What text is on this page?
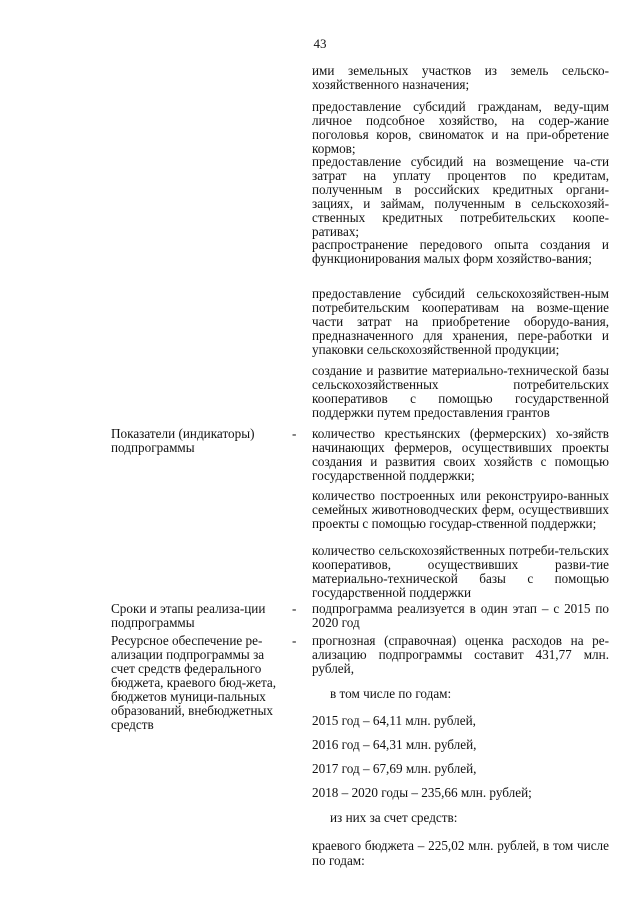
43
ими земельных участков из земель сельско-хозяйственного назначения;
предоставление субсидий гражданам, веду-щим личное подсобное хозяйство, на содер-жание поголовья коров, свиноматок и на при-обретение кормов;
предоставление субсидий на возмещение ча-сти затрат на уплату процентов по кредитам, полученным в российских кредитных органи-зациях, и займам, полученным в сельскохозяй-ственных кредитных потребительских коопе-ративах;
распространение передового опыта создания и функционирования малых форм хозяйство-вания;
предоставление субсидий сельскохозяйствен-ным потребительским кооперативам на возме-щение части затрат на приобретение оборудо-вания, предназначенного для хранения, пере-работки и упаковки сельскохозяйственной продукции;
создание и развитие материально-технической базы сельскохозяйственных потребительских кооперативов с помощью государственной поддержки путем предоставления грантов
Показатели (индикаторы) подпрограммы
- количество крестьянских (фермерских) хо-зяйств начинающих фермеров, осуществивших проекты создания и развития своих хозяйств с помощью государственной поддержки;
количество построенных или реконструиро-ванных семейных животноводческих ферм, осуществивших проекты с помощью государ-ственной поддержки;
количество сельскохозяйственных потреби-тельских кооперативов, осуществивших разви-тие материально-технической базы с помощью государственной поддержки
Сроки и этапы реализа-ции подпрограммы
- подпрограмма реализуется в один этап – с 2015 по 2020 год
Ресурсное обеспечение ре-ализации подпрограммы за счет средств федерального бюджета, краевого бюд-жета, бюджетов муници-пальных образований, внебюджетных средств
- прогнозная (справочная) оценка расходов на ре-ализацию подпрограммы составит 431,77 млн. рублей,
в том числе по годам:
2015 год – 64,11 млн. рублей,
2016 год – 64,31 млн. рублей,
2017 год – 67,69 млн. рублей,
2018 – 2020 годы – 235,66 млн. рублей;
из них за счет средств:
краевого бюджета – 225,02 млн. рублей, в том числе по годам:
